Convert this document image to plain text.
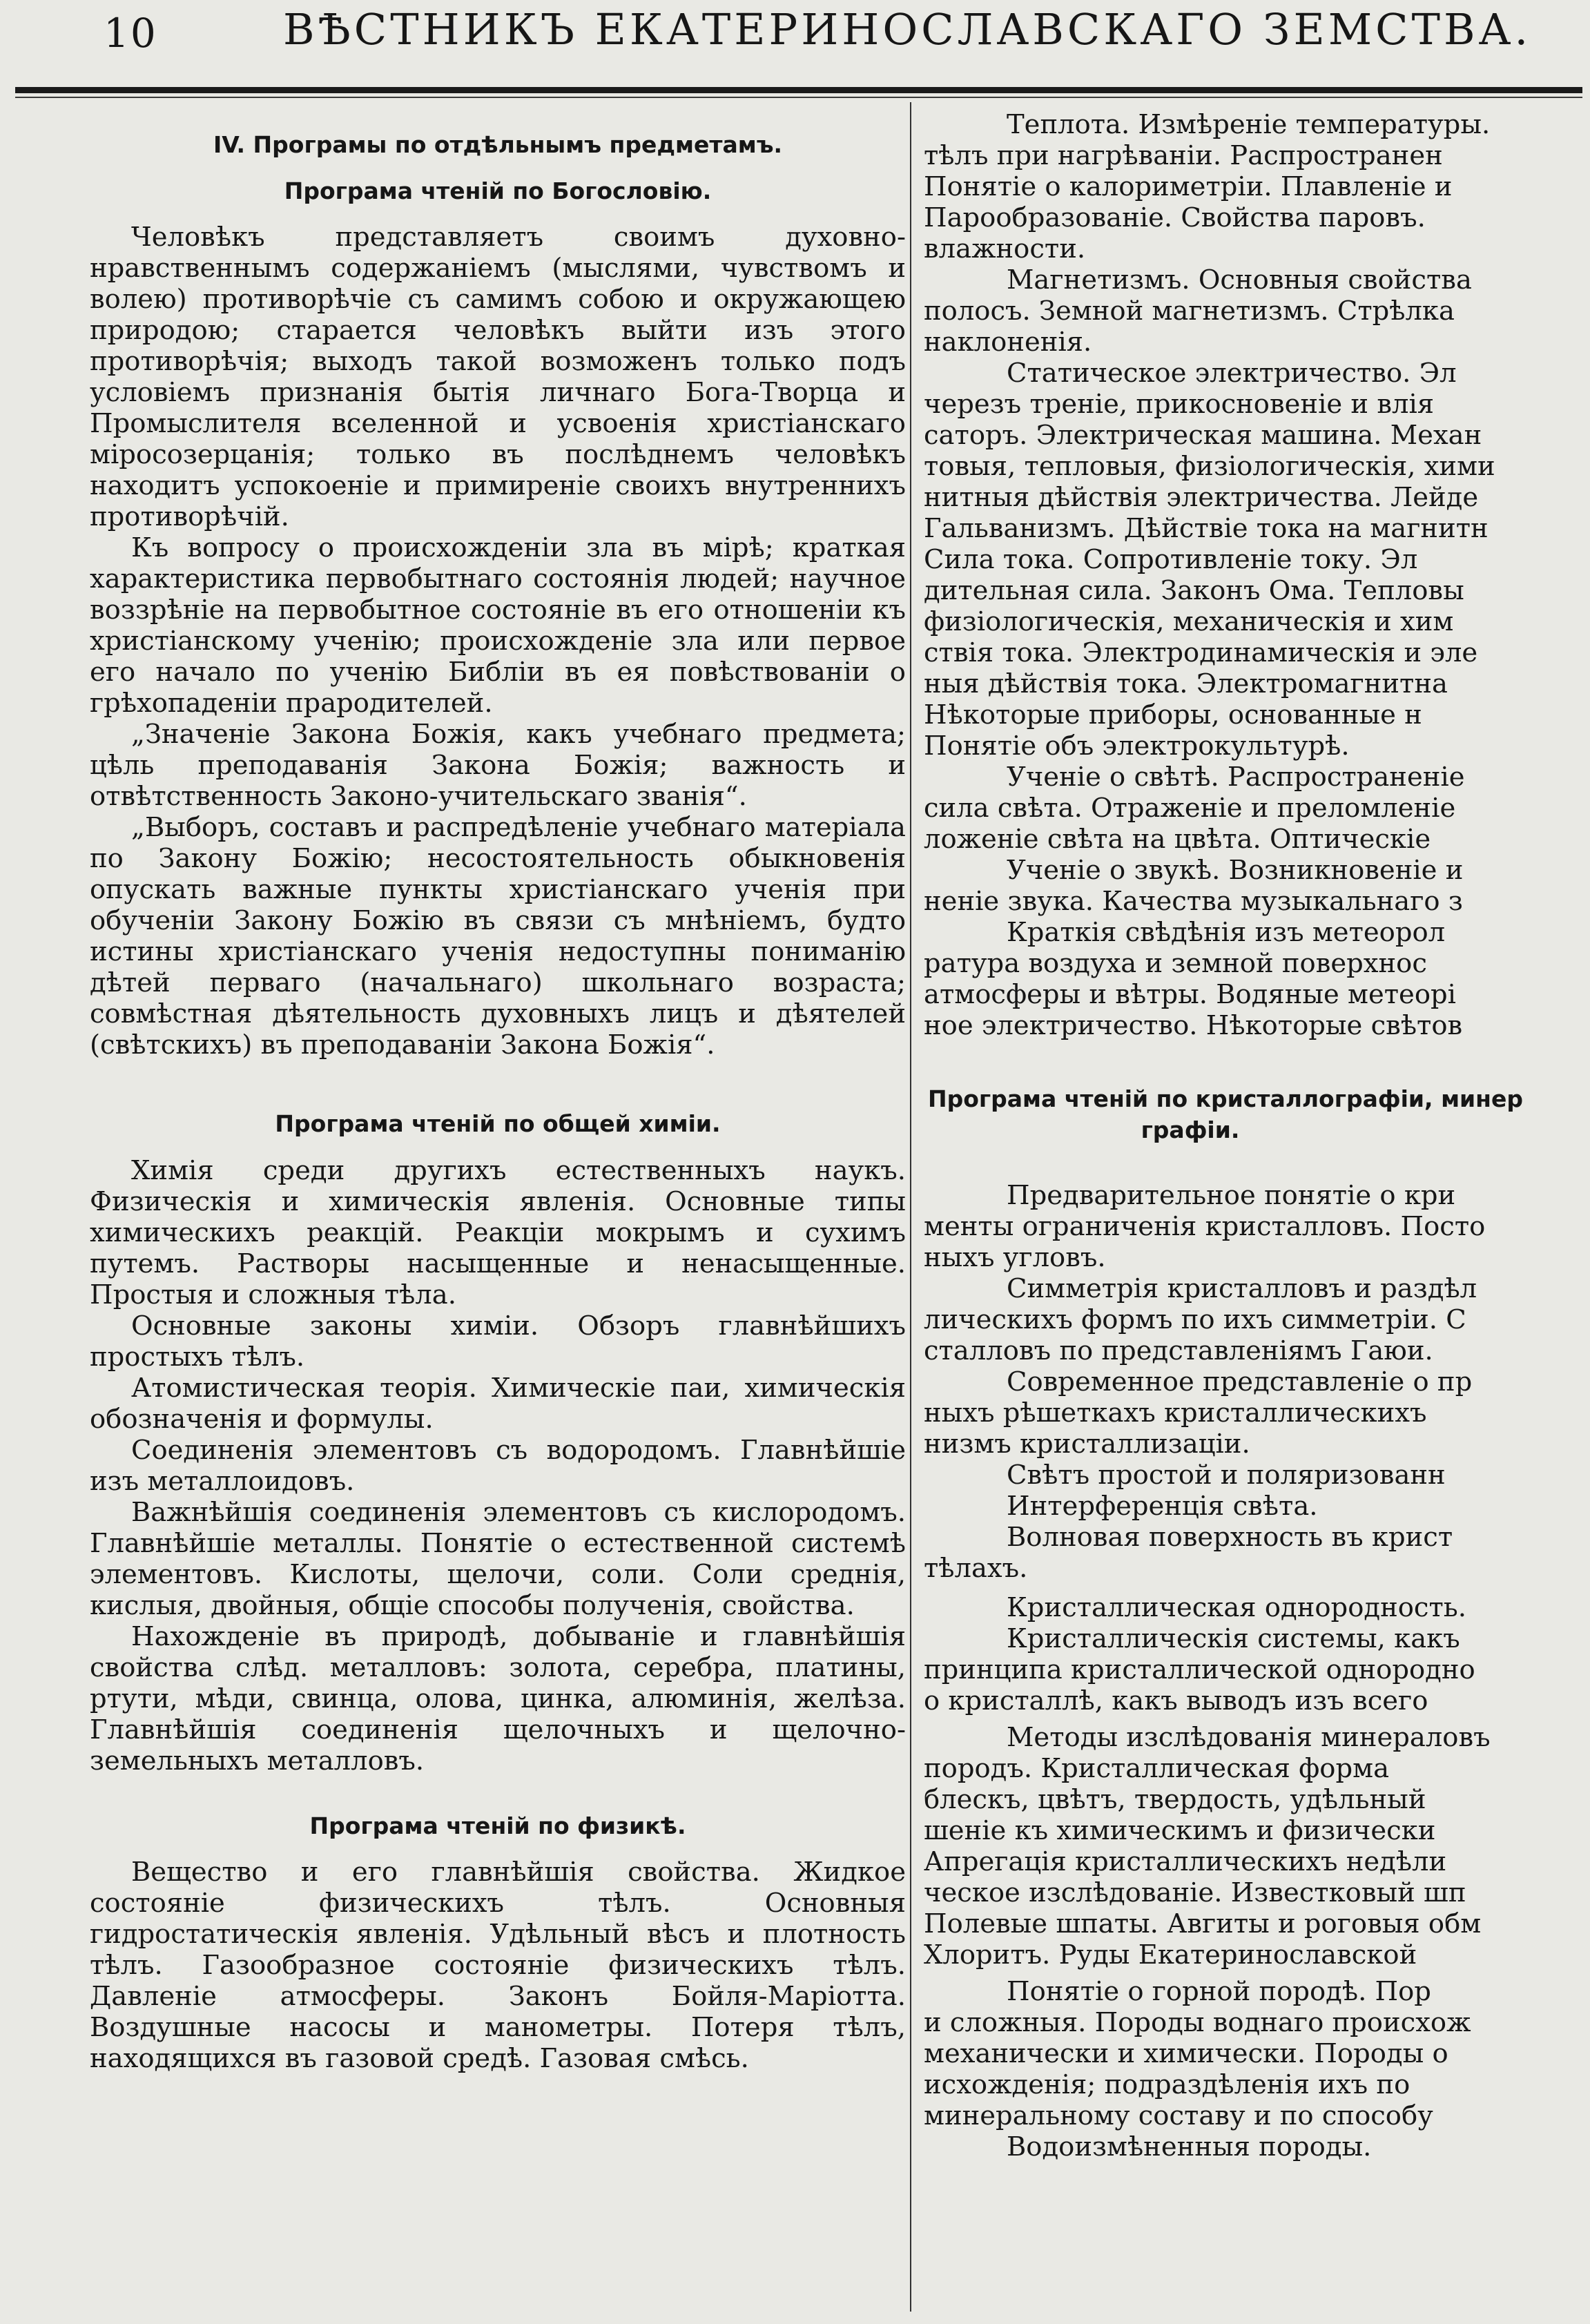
10	ВѢСТНИКЪ ЕКАТЕРИНОСЛАВСКАГО ЗЕМСТВА.
IV. Програмы по отдѣльнымъ предметамъ.
Програма чтеній по Богословію.

Человѣкъ представляетъ своимъ духовно-нравственнымъ содержаніемъ (мыслями, чувствомъ и волею) противорѣчіе съ самимъ собою и окружающею природою; старается человѣкъ выйти изъ этого противорѣчія; выходъ такой возможенъ только подъ условіемъ признанія бытія личнаго Бога-Творца и Промыслителя вселенной и усвоенія христіанскаго міросозерцанія; только въ послѣднемъ человѣкъ находитъ успокоеніе и примиреніе своихъ внутреннихъ противорѣчій.

Къ вопросу о происхожденіи зла въ мірѣ; краткая характеристика первобытнаго состоянія людей; научное воззрѣніе на первобытное состояніе въ его отношеніи къ христіанскому ученію; происхожденіе зла или первое его начало по ученію Библіи въ ея повѣствованіи о грѣхопаденіи прародителей.

„Значеніе Закона Божія, какъ учебнаго предмета; цѣль преподаванія Закона Божія; важность и отвѣтственность Законо-учительскаго званія“.

„Выборъ, составъ и распредѣленіе учебнаго матеріала по Закону Божію; несостоятельность обыкновенія опускать важные пункты христіанскаго ученія при обученіи Закону Божію въ связи съ мнѣніемъ, будто истины христіанскаго ученія недоступны пониманію дѣтей перваго (начальнаго) школьнаго возраста; совмѣстная дѣятельность духовныхъ лицъ и дѣятелей (свѣтскихъ) въ преподаваніи Закона Божія“.

Програма чтеній по общей химіи.

Химія среди другихъ естественныхъ наукъ. Физическія и химическія явленія. Основные типы химическихъ реакцій. Реакціи мокрымъ и сухимъ путемъ. Растворы насыщенные и ненасыщенные. Простыя и сложныя тѣла.

Основные законы химіи. Обзоръ главнѣйшихъ простыхъ тѣлъ.

Атомистическая теорія. Химическіе паи, химическія обозначенія и формулы.

Соединенія элементовъ съ водородомъ. Главнѣйшіе изъ металлоидовъ.

Важнѣйшія соединенія элементовъ съ кислородомъ. Главнѣйшіе металлы. Понятіе о естественной системѣ элементовъ. Кислоты, щелочи, соли. Соли среднія, кислыя, двойныя, общіе способы полученія, свойства.

Нахожденіе въ природѣ, добываніе и главнѣйшія свойства слѣд. металловъ: золота, серебра, платины, ртути, мѣди, свинца, олова, цинка, алюминія, желѣза. Главнѣйшія соединенія щелочныхъ и щелочно-земельныхъ металловъ.

Програма чтеній по физикѣ.

Вещество и его главнѣйшія свойства. Жидкое состояніе физическихъ тѣлъ. Основныя гидростатическія явленія. Удѣльный вѣсъ и плотность тѣлъ. Газообразное состояніе физическихъ тѣлъ. Давленіе атмосферы. Законъ Бойля-Маріотта. Воздушные насосы и манометры. Потеря тѣлъ, находящихся въ газовой средѣ. Газовая смѣсь.

Теплота. Измѣреніе температуры.
тѣлъ при нагрѣваніи. Распространен
Понятіе о калориметріи. Плавленіе и
Парообразованіе. Свойства паровъ.
влажности.
Магнетизмъ. Основныя свойства
полосъ. Земной магнетизмъ. Стрѣлка
наклоненія.
Статическое электричество. Эл
черезъ треніе, прикосновеніе и влія
саторъ. Электрическая машина. Механ
товыя, тепловыя, физіологическія, хими
нитныя дѣйствія электричества. Лейде
Гальванизмъ. Дѣйствіе тока на магнитн
Сила тока. Сопротивленіе току. Эл
дительная сила. Законъ Ома. Тепловы
физіологическія, механическія и хим
ствія тока. Электродинамическія и эле
ныя дѣйствія тока. Электромагнитна
Нѣкоторые приборы, основанные н
Понятіе объ электрокультурѣ.
Ученіе о свѣтѣ. Распространеніе
сила свѣта. Отраженіе и преломленіе
ложеніе свѣта на цвѣта. Оптическіе
Ученіе о звукѣ. Возникновеніе и
неніе звука. Качества музыкальнаго з
Краткія свѣдѣнія изъ метеорол
ратура воздуха и земной поверхнос
атмосферы и вѣтры. Водяные метеорі
ное электричество. Нѣкоторые свѣтов
Програма чтеній по кристаллографіи, минер
графіи.
Предварительное понятіе о кри
менты ограниченія кристалловъ. Посто
ныхъ угловъ.
Симметрія кристалловъ и раздѣл
лическихъ формъ по ихъ симметріи. С
сталловъ по представленіямъ Гаюи.
Современное представленіе о пр
ныхъ рѣшеткахъ кристаллическихъ
низмъ кристаллизаціи.
Свѣтъ простой и поляризованн
Интерференція свѣта.
Волновая поверхность въ крист
тѣлахъ.
Кристаллическая однородность.
Кристаллическія системы, какъ
принципа кристаллической однородно
о кристаллѣ, какъ выводъ изъ всего
Методы изслѣдованія минераловъ
породъ. Кристаллическая форма
блескъ, цвѣтъ, твердость, удѣльный
шеніе къ химическимъ и физически
Апрегація кристаллическихъ недѣли
ческое изслѣдованіе. Известковый шп
Полевые шпаты. Авгиты и роговыя обм
Хлоритъ. Руды Екатеринославской
Понятіе о горной породѣ. Пор
и сложныя. Породы воднаго происхож
механически и химически. Породы о
исхожденія; подраздѣленія ихъ по
минеральному составу и по способу
Водоизмѣненныя породы.
